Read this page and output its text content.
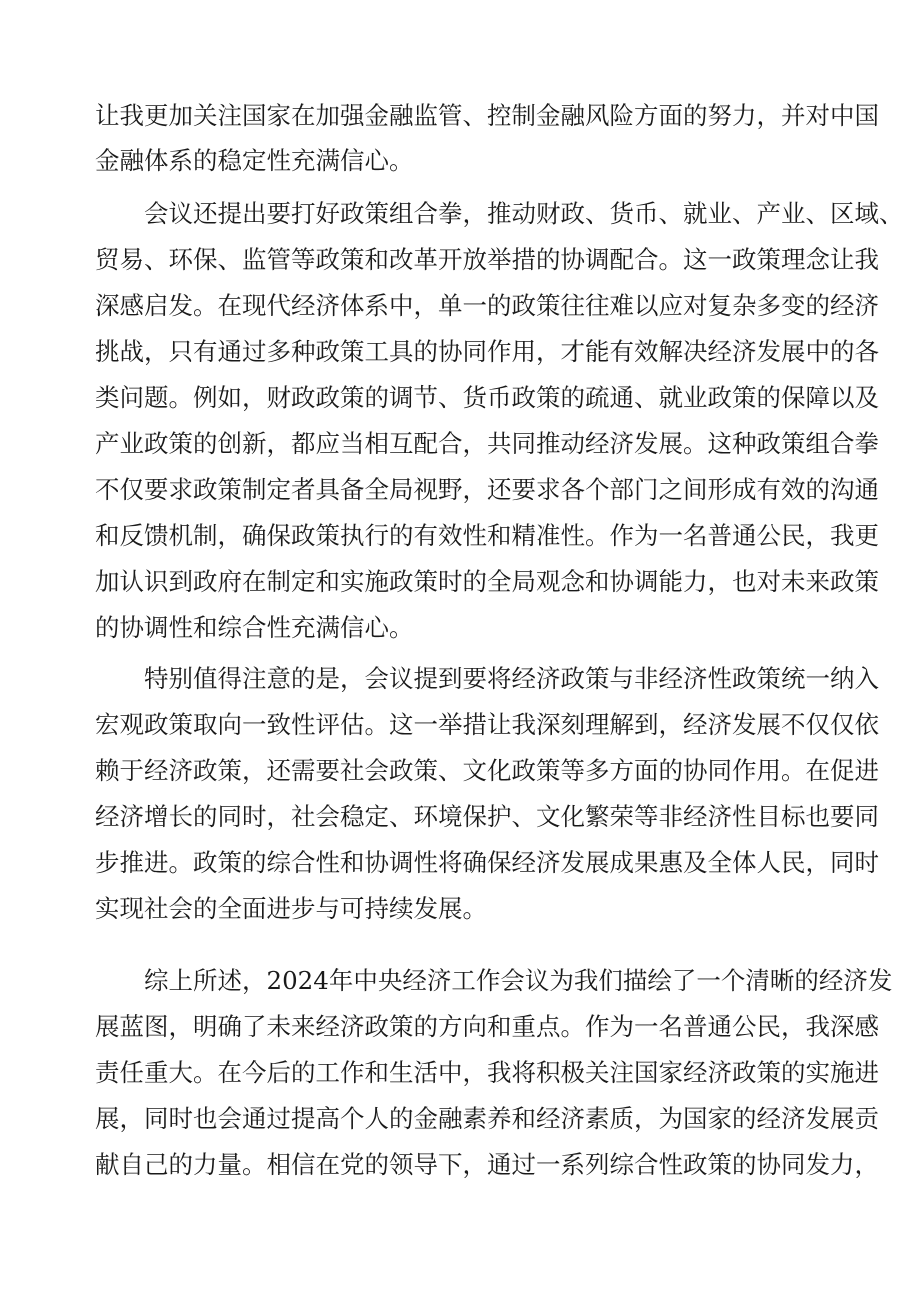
让我更加关注国家在加强金融监管、控制金融风险方面的努力，并对中国
金融体系的稳定性充满信心。
会议还提出要打好政策组合拳，推动财政、货币、就业、产业、区域、
贸易、环保、监管等政策和改革开放举措的协调配合。这一政策理念让我
深感启发。在现代经济体系中，单一的政策往往难以应对复杂多变的经济
挑战，只有通过多种政策工具的协同作用，才能有效解决经济发展中的各
类问题。例如，财政政策的调节、货币政策的疏通、就业政策的保障以及
产业政策的创新，都应当相互配合，共同推动经济发展。这种政策组合拳
不仅要求政策制定者具备全局视野，还要求各个部门之间形成有效的沟通
和反馈机制，确保政策执行的有效性和精准性。作为一名普通公民，我更
加认识到政府在制定和实施政策时的全局观念和协调能力，也对未来政策
的协调性和综合性充满信心。
特别值得注意的是，会议提到要将经济政策与非经济性政策统一纳入
宏观政策取向一致性评估。这一举措让我深刻理解到，经济发展不仅仅依
赖于经济政策，还需要社会政策、文化政策等多方面的协同作用。在促进
经济增长的同时，社会稳定、环境保护、文化繁荣等非经济性目标也要同
步推进。政策的综合性和协调性将确保经济发展成果惠及全体人民，同时
实现社会的全面进步与可持续发展。
综上所述，2024年中央经济工作会议为我们描绘了一个清晰的经济发
展蓝图，明确了未来经济政策的方向和重点。作为一名普通公民，我深感
责任重大。在今后的工作和生活中，我将积极关注国家经济政策的实施进
展，同时也会通过提高个人的金融素养和经济素质，为国家的经济发展贡
献自己的力量。相信在党的领导下，通过一系列综合性政策的协同发力，
